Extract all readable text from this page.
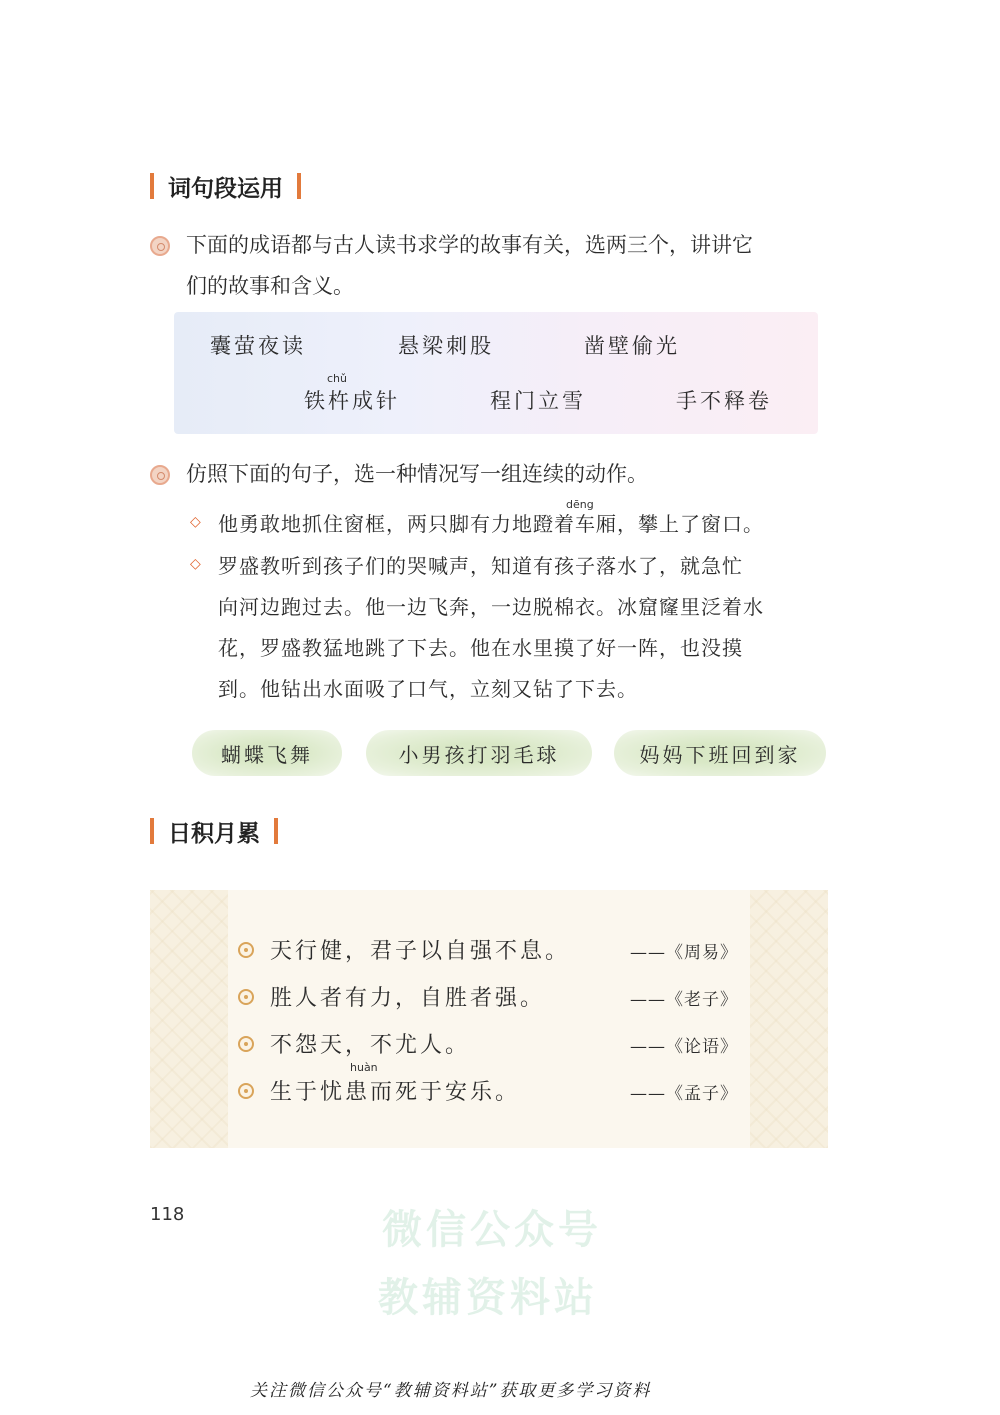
词句段运用
下面的成语都与古人读书求学的故事有关，选两三个，讲讲它
们的故事和含义。
囊萤夜读	悬梁刺股	凿壁偷光
chǔ
铁杵成针	程门立雪	手不释卷
仿照下面的句子，选一种情况写一组连续的动作。
dēng
◇ 他勇敢地抓住窗框，两只脚有力地蹬着车厢，攀上了窗口。
◇ 罗盛教听到孩子们的哭喊声，知道有孩子落水了，就急忙
向河边跑过去。他一边飞奔，一边脱棉衣。冰窟窿里泛着水
花，罗盛教猛地跳了下去。他在水里摸了好一阵，也没摸
到。他钻出水面吸了口气，立刻又钻了下去。
蝴蝶飞舞	小男孩打羽毛球	妈妈下班回到家
日积月累
天行健，君子以自强不息。	——《周易》
胜人者有力，自胜者强。	——《老子》
不怨天，不尤人。	——《论语》
huàn
生于忧患而死于安乐。	——《孟子》
118	微信公众号
教辅资料站
关注微信公众号“教辅资料站”获取更多学习资料
